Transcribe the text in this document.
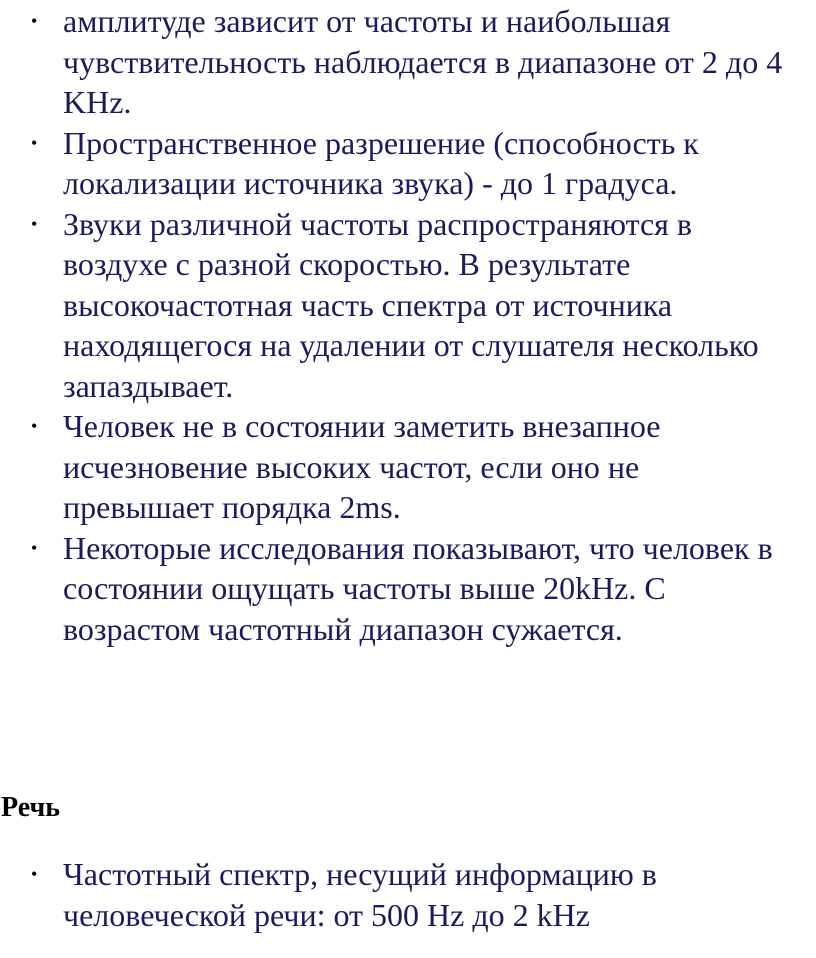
• амплитуде зависит от частоты и наибольшая чувствительность наблюдается в диапазоне от 2 до 4 KHz.
• Пространственное разрешение (способность к локализации источника звука) - до 1 градуса.
• Звуки различной частоты распространяются в воздухе с разной скоростью. В результате высокочастотная часть спектра от источника находящегося на удалении от слушателя несколько запаздывает.
• Человек не в состоянии заметить внезапное исчезновение высоких частот, если оно не превышает порядка 2ms.
• Некоторые исследования показывают, что человек в состоянии ощущать частоты выше 20kHz. С возрастом частотный диапазон сужается.
Речь
• Частотный спектр, несущий информацию в человеческой речи: от 500 Hz до 2 kHz
